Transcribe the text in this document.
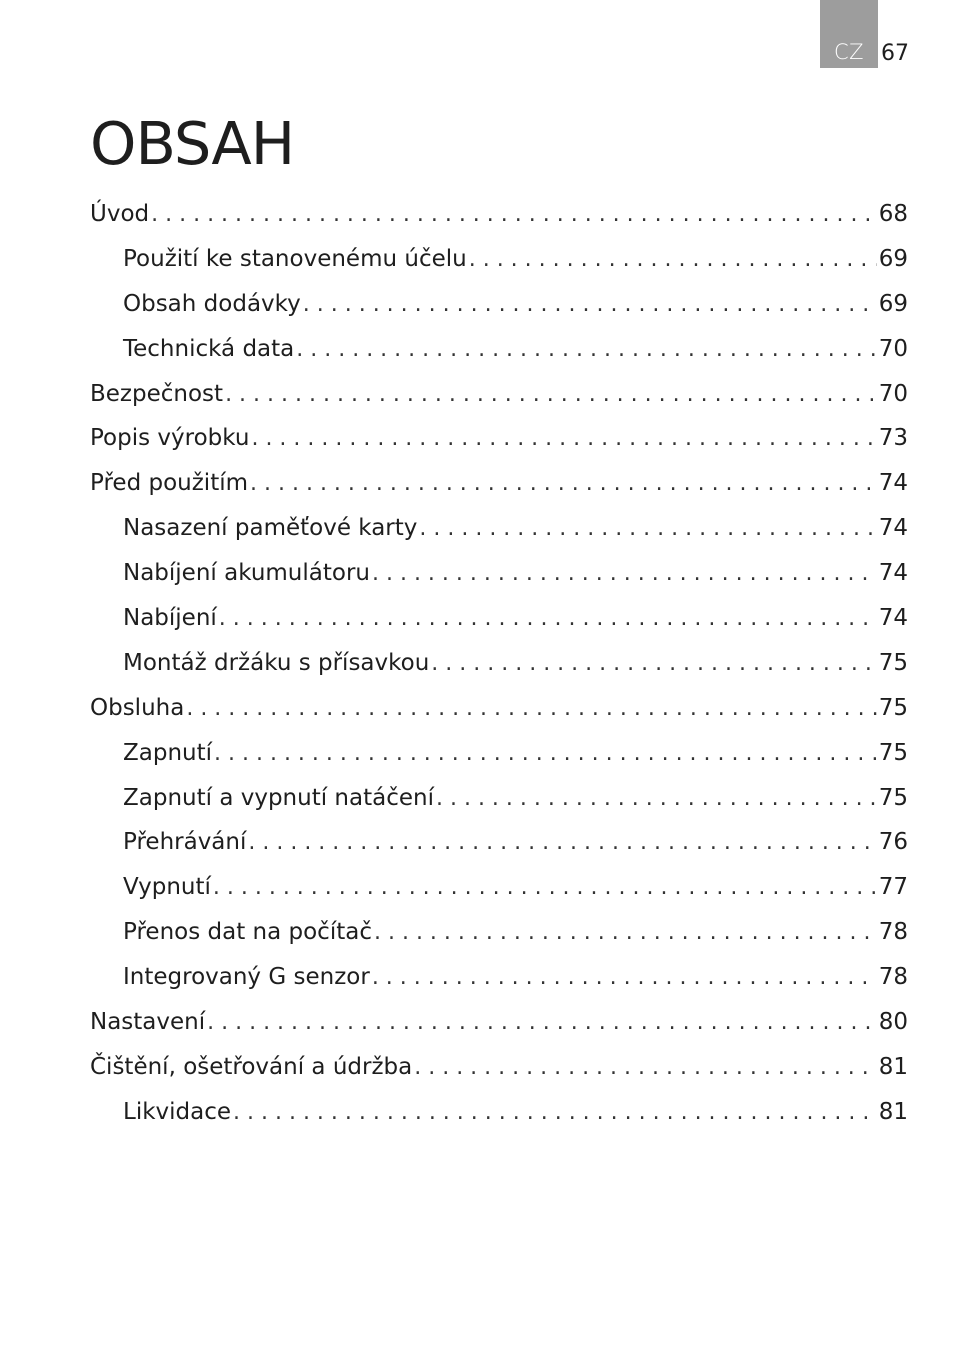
CZ 67
OBSAH
Úvod . . .	68
Použití ke stanovenému účelu . . .	69
Obsah dodávky . . .	69
Technická data . . .	70
Bezpečnost . . .	70
Popis výrobku . . .	73
Před použitím . . .	74
Nasazení paměťové karty . . .	74
Nabíjení akumulátoru . . .	74
Nabíjení . . .	74
Montáž držáku s přísavkou . . .	75
Obsluha . . .	75
Zapnutí . . .	75
Zapnutí a vypnutí natáčení . . .	75
Přehrávání . . .	76
Vypnutí . . .	77
Přenos dat na počítač . . .	78
Integrovaný G senzor . . .	78
Nastavení . . .	80
Čištění, ošetřování a údržba . . .	81
Likvidace . . .	81
